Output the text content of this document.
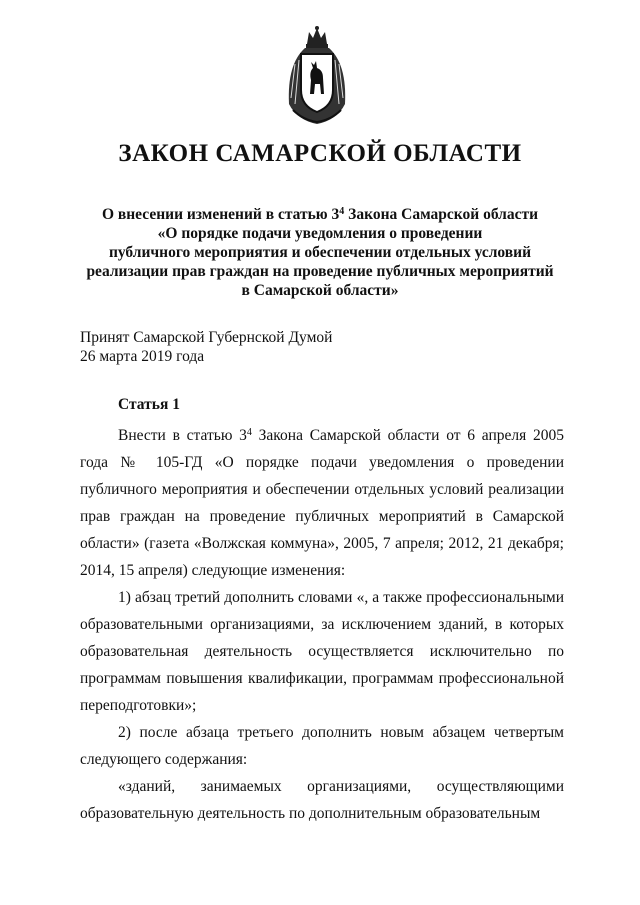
ЗАКОН САМАРСКОЙ ОБЛАСТИ
О внесении изменений в статью $3^4$ Закона Самарской области
«О порядке подачи уведомления о проведении
публичного мероприятия и обеспечении отдельных условий
реализации прав граждан на проведение публичных мероприятий
в Самарской области»
Принят Самарской Губернской Думой
26 марта 2019 года
Статья 1

Внести в статью $3^4$ Закона Самарской области от 6 апреля 2005 года № 105-ГД «О порядке подачи уведомления о проведении публичного мероприятия и обеспечении отдельных условий реализации прав граждан на проведение публичных мероприятий в Самарской области» (газета «Волжская коммуна», 2005, 7 апреля; 2012, 21 декабря; 2014, 15 апреля) следующие изменения:

1) абзац третий дополнить словами «, а также профессиональными образовательными организациями, за исключением зданий, в которых образовательная деятельность осуществляется исключительно по программам повышения квалификации, программам профессиональной переподготовки»;

2) после абзаца третьего дополнить новым абзацем четвертым следующего содержания:

«зданий, занимаемых организациями, осуществляющими образовательную деятельность по дополнительным образовательным
